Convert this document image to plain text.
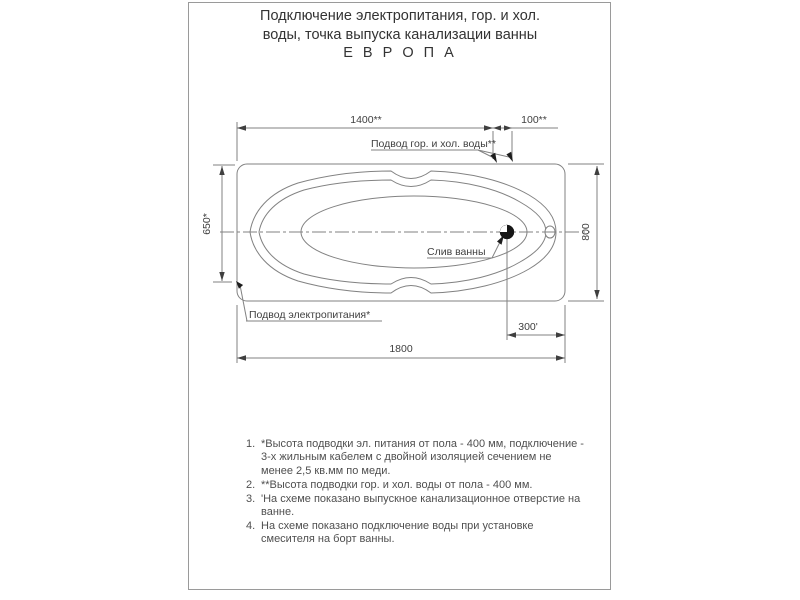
Подключение электропитания, гор. и хол.
воды, точка выпуска канализации ванны
Е В Р О П А
1400**	100**
650*	800
300'
1800
Подвод гор. и хол. воды**
Слив ванны
Подвод электропитания*
1. *Высота подводки эл. питания от пола - 400 мм, подключение - 3-х жильным кабелем с двойной изоляцией сечением не менее 2,5 кв.мм по меди.
2. **Высота подводки гор. и хол. воды от пола - 400 мм.
3. 'На схеме показано выпускное канализационное отверстие на ванне.
4. На схеме показано подключение воды при установке смесителя на борт ванны.
